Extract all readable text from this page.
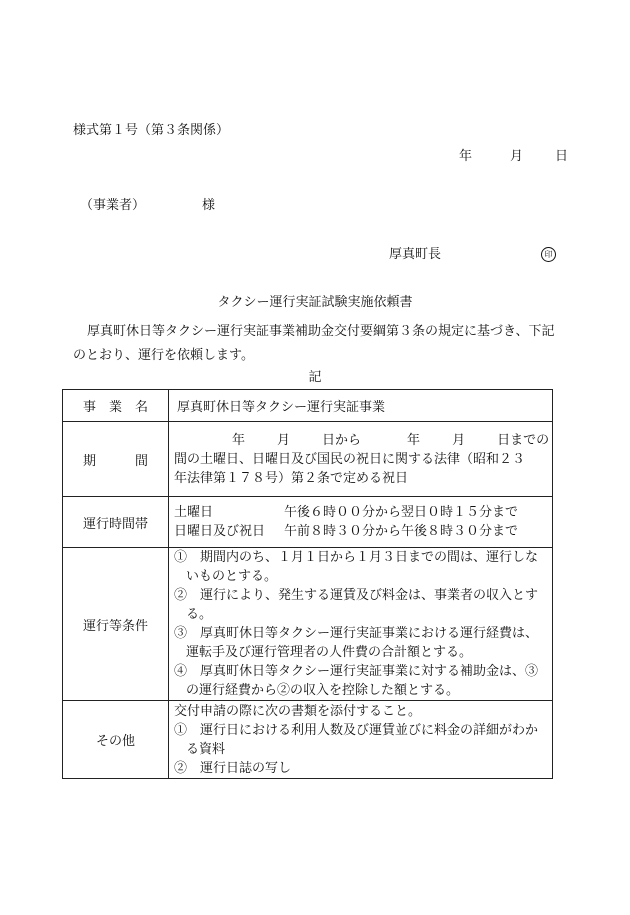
様式第１号（第３条関係）
年	月 日
（事業者）	様
厚真町長	印
タクシー運行実証試験実施依頼書
厚真町休日等タクシー運行実証事業補助金交付要綱第３条の規定に基づき、下記のとおり、運行を依頼します。
記
事　業　名	厚真町休日等タクシー運行実証事業
期　　　間	年 月 日から 年 月 日までの
間の土曜日、日曜日及び国民の祝日に関する法律（昭和２３
年法律第１７８号）第２条で定める祝日

運行時間帯	土曜日 午後６時００分から翌日０時１５分まで
日曜日及び祝日 午前８時３０分から午後８時３０分まで

運行等条件	①　期間内のち、１月１日から１月３日までの間は、運行しないものとする。
②　運行により、発生する運賃及び料金は、事業者の収入とする。
③　厚真町休日等タクシー運行実証事業における運行経費は、運転手及び運行管理者の人件費の合計額とする。
④　厚真町休日等タクシー運行実証事業に対する補助金は、③の運行経費から②の収入を控除した額とする。

その他	交付申請の際に次の書類を添付すること。
①　運行日における利用人数及び運賃並びに料金の詳細がわかる資料
②　運行日誌の写し
